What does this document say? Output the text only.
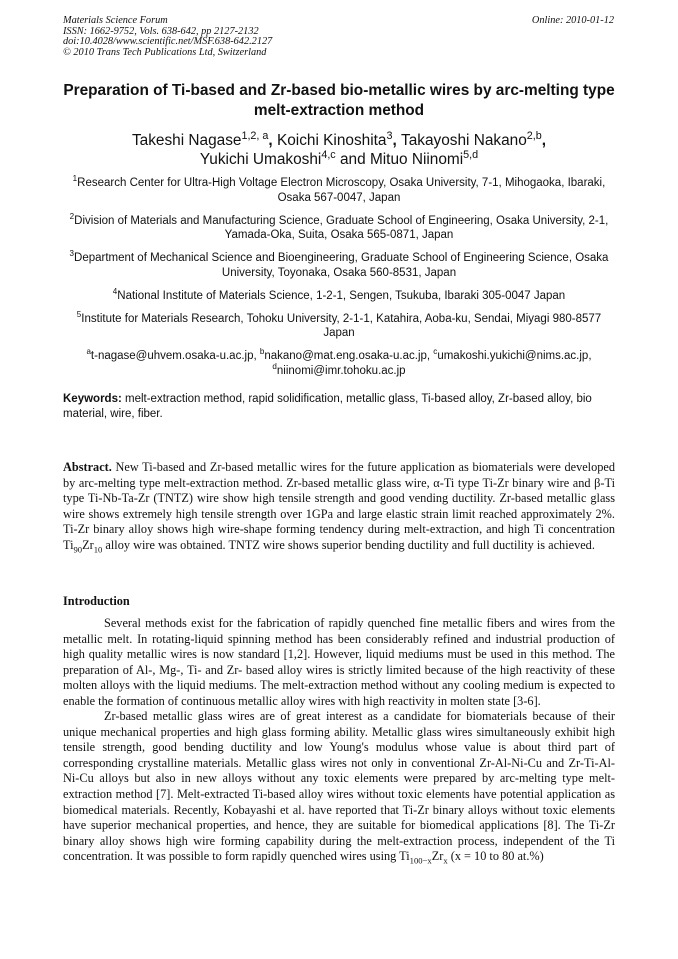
Materials Science Forum
ISSN: 1662-9752, Vols. 638-642, pp 2127-2132
doi:10.4028/www.scientific.net/MSF.638-642.2127
© 2010 Trans Tech Publications Ltd, Switzerland
Online: 2010-01-12
Preparation of Ti-based and Zr-based bio-metallic wires by arc-melting type melt-extraction method
Takeshi Nagase$^{1,2, a}$, Koichi Kinoshita$^3$, Takayoshi Nakano$^{2,b}$,
Yukichi Umakoshi$^{4,c}$ and Mituo Niinomi$^{5,d}$
$^1$Research Center for Ultra-High Voltage Electron Microscopy, Osaka University, 7-1, Mihogaoka, Ibaraki, Osaka 567-0047, Japan
$^2$Division of Materials and Manufacturing Science, Graduate School of Engineering, Osaka University, 2-1, Yamada-Oka, Suita, Osaka 565-0871, Japan
$^3$Department of Mechanical Science and Bioengineering, Graduate School of Engineering Science, Osaka University, Toyonaka, Osaka 560-8531, Japan
$^4$National Institute of Materials Science, 1-2-1, Sengen, Tsukuba, Ibaraki 305-0047 Japan
$^5$Institute for Materials Research, Tohoku University, 2-1-1, Katahira, Aoba-ku, Sendai, Miyagi 980-8577 Japan
$^a$t-nagase@uhvem.osaka-u.ac.jp, $^b$nakano@mat.eng.osaka-u.ac.jp, $^c$umakoshi.yukichi@nims.ac.jp,
$^d$niinomi@imr.tohoku.ac.jp
Keywords: melt-extraction method, rapid solidification, metallic glass, Ti-based alloy, Zr-based alloy, bio material, wire, fiber.
Abstract. New Ti-based and Zr-based metallic wires for the future application as biomaterials were developed by arc-melting type melt-extraction method. Zr-based metallic glass wire, α-Ti type Ti-Zr binary wire and β-Ti type Ti-Nb-Ta-Zr (TNTZ) wire show high tensile strength and good vending ductility. Zr-based metallic glass wire shows extremely high tensile strength over 1GPa and large elastic strain limit reached approximately 2%. Ti-Zr binary alloy shows high wire-shape forming tendency during melt-extraction, and high Ti concentration $Ti_{90}Zr_{10}$ alloy wire was obtained. TNTZ wire shows superior bending ductility and full ductility is achieved.
Introduction

Several methods exist for the fabrication of rapidly quenched fine metallic fibers and wires from the metallic melt. In rotating-liquid spinning method has been considerably refined and industrial production of high quality metallic wires is now standard [1,2]. However, liquid mediums must be used in this method. The preparation of Al-, Mg-, Ti- and Zr- based alloy wires is strictly limited because of the high reactivity of these molten alloys with the liquid mediums. The melt-extraction method without any cooling medium is expected to enable the formation of continuous metallic alloy wires with high reactivity in molten state [3-6].

Zr-based metallic glass wires are of great interest as a candidate for biomaterials because of their unique mechanical properties and high glass forming ability. Metallic glass wires simultaneously exhibit high tensile strength, good bending ductility and low Young's modulus whose value is about third part of corresponding crystalline materials. Metallic glass wires not only in conventional Zr-Al-Ni-Cu and Zr-Ti-Al-Ni-Cu alloys but also in new alloys without any toxic elements were prepared by arc-melting type melt-extraction method [7]. Melt-extracted Ti-based alloy wires without toxic elements have potential application as biomedical materials. Recently, Kobayashi et al. have reported that Ti-Zr binary alloys without toxic elements have superior mechanical properties, and hence, they are suitable for biomedical applications [8]. The Ti-Zr binary alloy shows high wire forming capability during the melt-extraction process, independent of the Ti concentration. It was possible to form rapidly quenched wires using $Ti_{100-x}Zr_x$ (x = 10 to 80 at.%)
